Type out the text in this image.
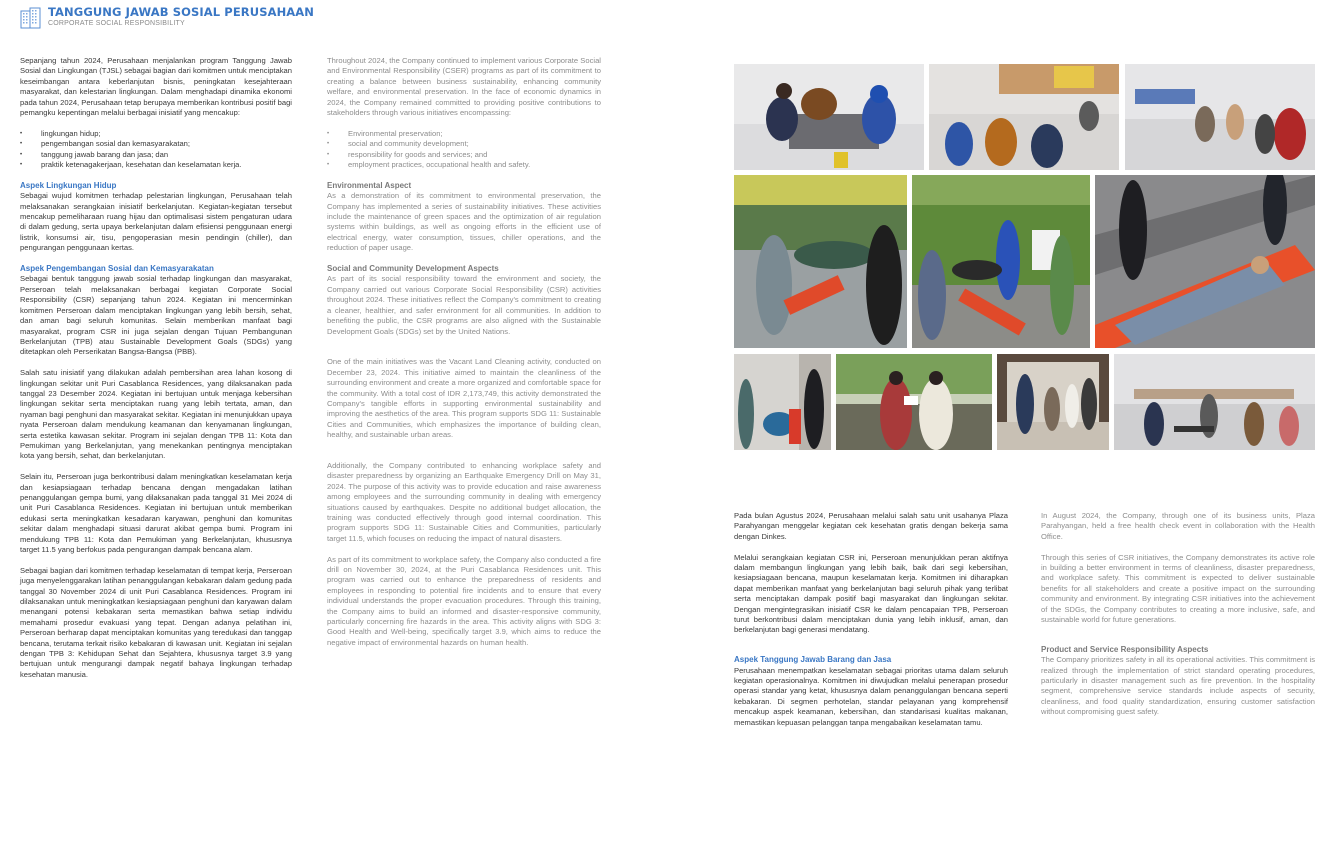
TANGGUNG JAWAB SOSIAL PERUSAHAAN
CORPORATE SOCIAL RESPONSIBILITY

Sepanjang tahun 2024, Perusahaan menjalankan program Tanggung Jawab Sosial dan Lingkungan (TJSL) sebagai bagian dari komitmen untuk menciptakan keseimbangan antara keberlanjutan bisnis, peningkatan kesejahteraan masyarakat, dan kelestarian lingkungan. Dalam menghadapi dinamika ekonomi pada tahun 2024, Perusahaan tetap berupaya memberikan kontribusi positif bagi pemangku kepentingan melalui berbagai inisiatif yang mencakup:

• lingkungan hidup;
• pengembangan sosial dan kemasyarakatan;
• tanggung jawab barang dan jasa; dan
• praktik ketenagakerjaan, kesehatan dan keselamatan kerja.
Aspek Lingkungan Hidup

Sebagai wujud komitmen terhadap pelestarian lingkungan, Perusahaan telah melaksanakan serangkaian inisiatif berkelanjutan. Kegiatan-kegiatan tersebut mencakup pemeliharaan ruang hijau dan optimalisasi sistem pengaturan udara di dalam gedung, serta upaya berkelanjutan dalam efisiensi penggunaan energi listrik, konsumsi air, tisu, pengoperasian mesin pendingin (chiller), dan pengurangan penggunaan kertas.

Aspek Pengembangan Sosial dan Kemasyarakatan

Sebagai bentuk tanggung jawab sosial terhadap lingkungan dan masyarakat, Perseroan telah melaksanakan berbagai kegiatan Corporate Social Responsibility (CSR) sepanjang tahun 2024. Kegiatan ini mencerminkan komitmen Perseroan dalam menciptakan lingkungan yang lebih bersih, sehat, dan aman bagi seluruh komunitas. Selain memberikan manfaat bagi masyarakat, program CSR ini juga sejalan dengan Tujuan Pembangunan Berkelanjutan (TPB) atau Sustainable Development Goals (SDGs) yang ditetapkan oleh Perserikatan Bangsa-Bangsa (PBB).

Salah satu inisiatif yang dilakukan adalah pembersihan area lahan kosong di lingkungan sekitar unit Puri Casablanca Residences, yang dilaksanakan pada tanggal 23 Desember 2024. Kegiatan ini bertujuan untuk menjaga kebersihan lingkungan sekitar serta menciptakan ruang yang lebih tertata, aman, dan nyaman bagi penghuni dan masyarakat sekitar. Kegiatan ini menunjukkan upaya nyata Perseroan dalam mendukung keamanan dan kenyamanan lingkungan, serta estetika kawasan sekitar. Program ini sejalan dengan TPB 11: Kota dan Pemukiman yang Berkelanjutan, yang menekankan pentingnya menciptakan kota yang bersih, sehat, dan berkelanjutan.

Selain itu, Perseroan juga berkontribusi dalam meningkatkan keselamatan kerja dan kesiapsiagaan terhadap bencana dengan mengadakan latihan penanggulangan gempa bumi, yang dilaksanakan pada tanggal 31 Mei 2024 di unit Puri Casablanca Residences. Kegiatan ini bertujuan untuk memberikan edukasi serta meningkatkan kesadaran karyawan, penghuni dan komunitas sekitar dalam menghadapi situasi darurat akibat gempa bumi. Program ini mendukung TPB 11: Kota dan Pemukiman yang Berkelanjutan, khususnya target 11.5 yang berfokus pada pengurangan dampak bencana alam.

Sebagai bagian dari komitmen terhadap keselamatan di tempat kerja, Perseroan juga menyelenggarakan latihan penanggulangan kebakaran dalam gedung pada tanggal 30 November 2024 di unit Puri Casablanca Residences. Program ini dilaksanakan untuk meningkatkan kesiapsiagaan penghuni dan karyawan dalam menangani potensi kebakaran serta memastikan bahwa setiap individu memahami prosedur evakuasi yang tepat. Dengan adanya pelatihan ini, Perseroan berharap dapat menciptakan komunitas yang teredukasi dan tanggap bencana, terutama terkait risiko kebakaran di kawasan unit. Kegiatan ini sejalan dengan TPB 3: Kehidupan Sehat dan Sejahtera, khususnya target 3.9 yang bertujuan untuk mengurangi dampak negatif bahaya lingkungan terhadap kesehatan manusia.

Throughout 2024, the Company continued to implement various Corporate Social and Environmental Responsibility (CSER) programs as part of its commitment to creating a balance between business sustainability, enhancing community welfare, and environmental preservation. In the face of economic dynamics in 2024, the Company remained committed to providing positive contributions to stakeholders through various initiatives encompassing:

• Environmental preservation;
• social and community development;
• responsibility for goods and services; and
• employment practices, occupational health and safety.
Environmental Aspect

As a demonstration of its commitment to environmental preservation, the Company has implemented a series of sustainability initiatives. These activities include the maintenance of green spaces and the optimization of air regulation systems within buildings, as well as ongoing efforts in the efficient use of electrical energy, water consumption, tissues, chiller operations, and the reduction of paper usage.

Social and Community Development Aspects

As part of its social responsibility toward the environment and society, the Company carried out various Corporate Social Responsibility (CSR) activities throughout 2024. These initiatives reflect the Company's commitment to creating a cleaner, healthier, and safer environment for all communities. In addition to benefiting the public, the CSR programs are also aligned with the Sustainable Development Goals (SDGs) set by the United Nations.

One of the main initiatives was the Vacant Land Cleaning activity, conducted on December 23, 2024. This initiative aimed to maintain the cleanliness of the surrounding environment and create a more organized and comfortable space for the community. With a total cost of IDR 2,173,749, this activity demonstrated the Company's tangible efforts in supporting environmental sustainability and improving the aesthetics of the area. This program supports SDG 11: Sustainable Cities and Communities, which emphasizes the importance of building clean, healthy, and sustainable urban areas.

Additionally, the Company contributed to enhancing workplace safety and disaster preparedness by organizing an Earthquake Emergency Drill on May 31, 2024. The purpose of this activity was to provide education and raise awareness among employees and the surrounding community in dealing with emergency situations caused by earthquakes. Despite no additional budget allocation, the training was conducted effectively through good internal coordination. This program supports SDG 11: Sustainable Cities and Communities, particularly target 11.5, which focuses on reducing the impact of natural disasters.

As part of its commitment to workplace safety, the Company also conducted a fire drill on November 30, 2024, at the Puri Casablanca Residences unit. This program was carried out to enhance the preparedness of residents and employees in responding to potential fire incidents and to ensure that every individual understands the proper evacuation procedures. Through this training, the Company aims to build an informed and disaster-responsive community, particularly concerning fire hazards in the area. This activity aligns with SDG 3: Good Health and Well-being, specifically target 3.9, which aims to reduce the negative impact of environmental hazards on human health.

Pada bulan Agustus 2024, Perusahaan melalui salah satu unit usahanya Plaza Parahyangan menggelar kegiatan cek kesehatan gratis dengan bekerja sama dengan Dinkes.

Melalui serangkaian kegiatan CSR ini, Perseroan menunjukkan peran aktifnya dalam membangun lingkungan yang lebih baik, baik dari segi kebersihan, kesiapsiagaan bencana, maupun keselamatan kerja. Komitmen ini diharapkan dapat memberikan manfaat yang berkelanjutan bagi seluruh pihak yang terlibat serta menciptakan dampak positif bagi masyarakat dan lingkungan sekitar. Dengan mengintegrasikan inisiatif CSR ke dalam pencapaian TPB, Perseroan turut berkontribusi dalam menciptakan dunia yang lebih inklusif, aman, dan berkelanjutan bagi generasi mendatang.

Aspek Tanggung Jawab Barang dan Jasa

Perusahaan menempatkan keselamatan sebagai prioritas utama dalam seluruh kegiatan operasionalnya. Komitmen ini diwujudkan melalui penerapan prosedur operasi standar yang ketat, khususnya dalam penanggulangan bencana seperti kebakaran. Di segmen perhotelan, standar pelayanan yang komprehensif mencakup aspek keamanan, kebersihan, dan standarisasi kualitas makanan, memastikan kepuasan pelanggan tanpa mengabaikan keselamatan tamu.

In August 2024, the Company, through one of its business units, Plaza Parahyangan, held a free health check event in collaboration with the Health Office.

Through this series of CSR initiatives, the Company demonstrates its active role in building a better environment in terms of cleanliness, disaster preparedness, and workplace safety. This commitment is expected to deliver sustainable benefits for all stakeholders and create a positive impact on the surrounding community and environment. By integrating CSR initiatives into the achievement of the SDGs, the Company contributes to creating a more inclusive, safe, and sustainable world for future generations.

Product and Service Responsibility Aspects

The Company prioritizes safety in all its operational activities. This commitment is realized through the implementation of strict standard operating procedures, particularly in disaster management such as fire prevention. In the hospitality segment, comprehensive service standards include aspects of security, cleanliness, and food quality standardization, ensuring customer satisfaction without compromising guest safety.
